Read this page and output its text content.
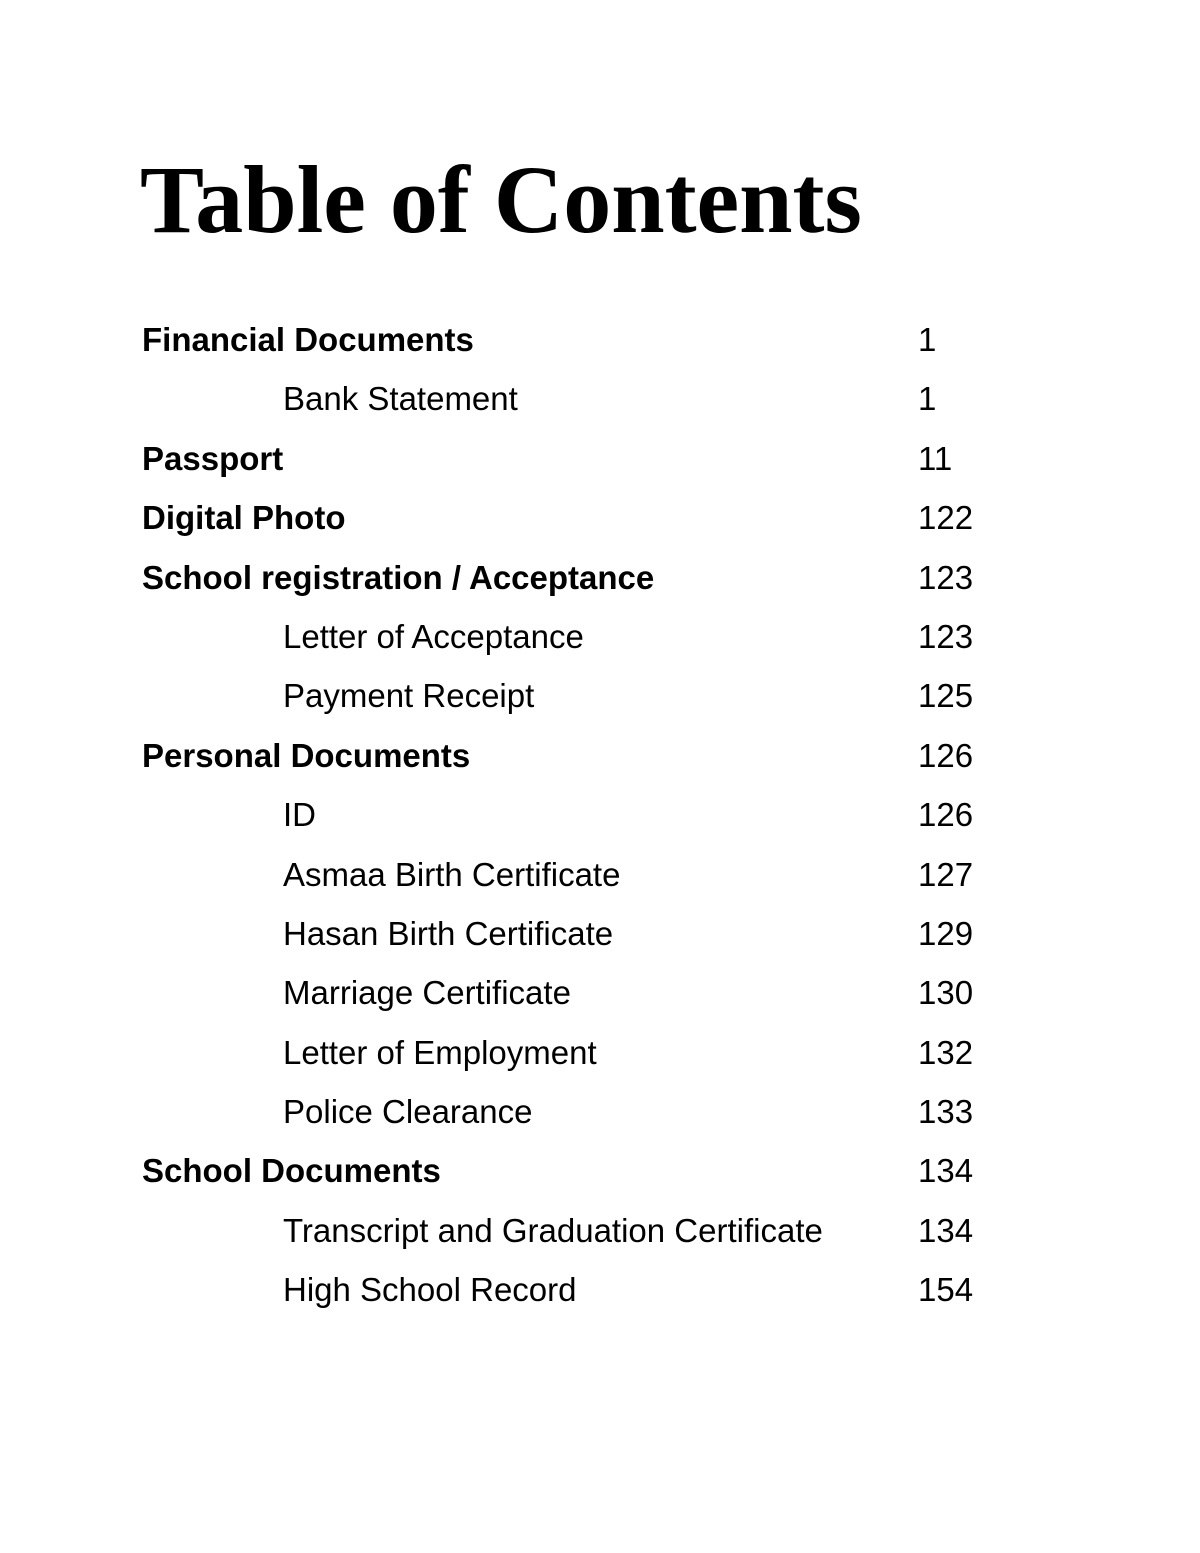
Table of Contents
Financial Documents	1
Bank Statement	1
Passport	11
Digital Photo	122
School registration / Acceptance	123
Letter of Acceptance	123
Payment Receipt	125
Personal Documents	126
ID	126
Asmaa Birth Certificate	127
Hasan Birth Certificate	129
Marriage Certificate	130
Letter of Employment	132
Police Clearance	133
School Documents	134
Transcript and Graduation Certificate	134
High School Record	154
